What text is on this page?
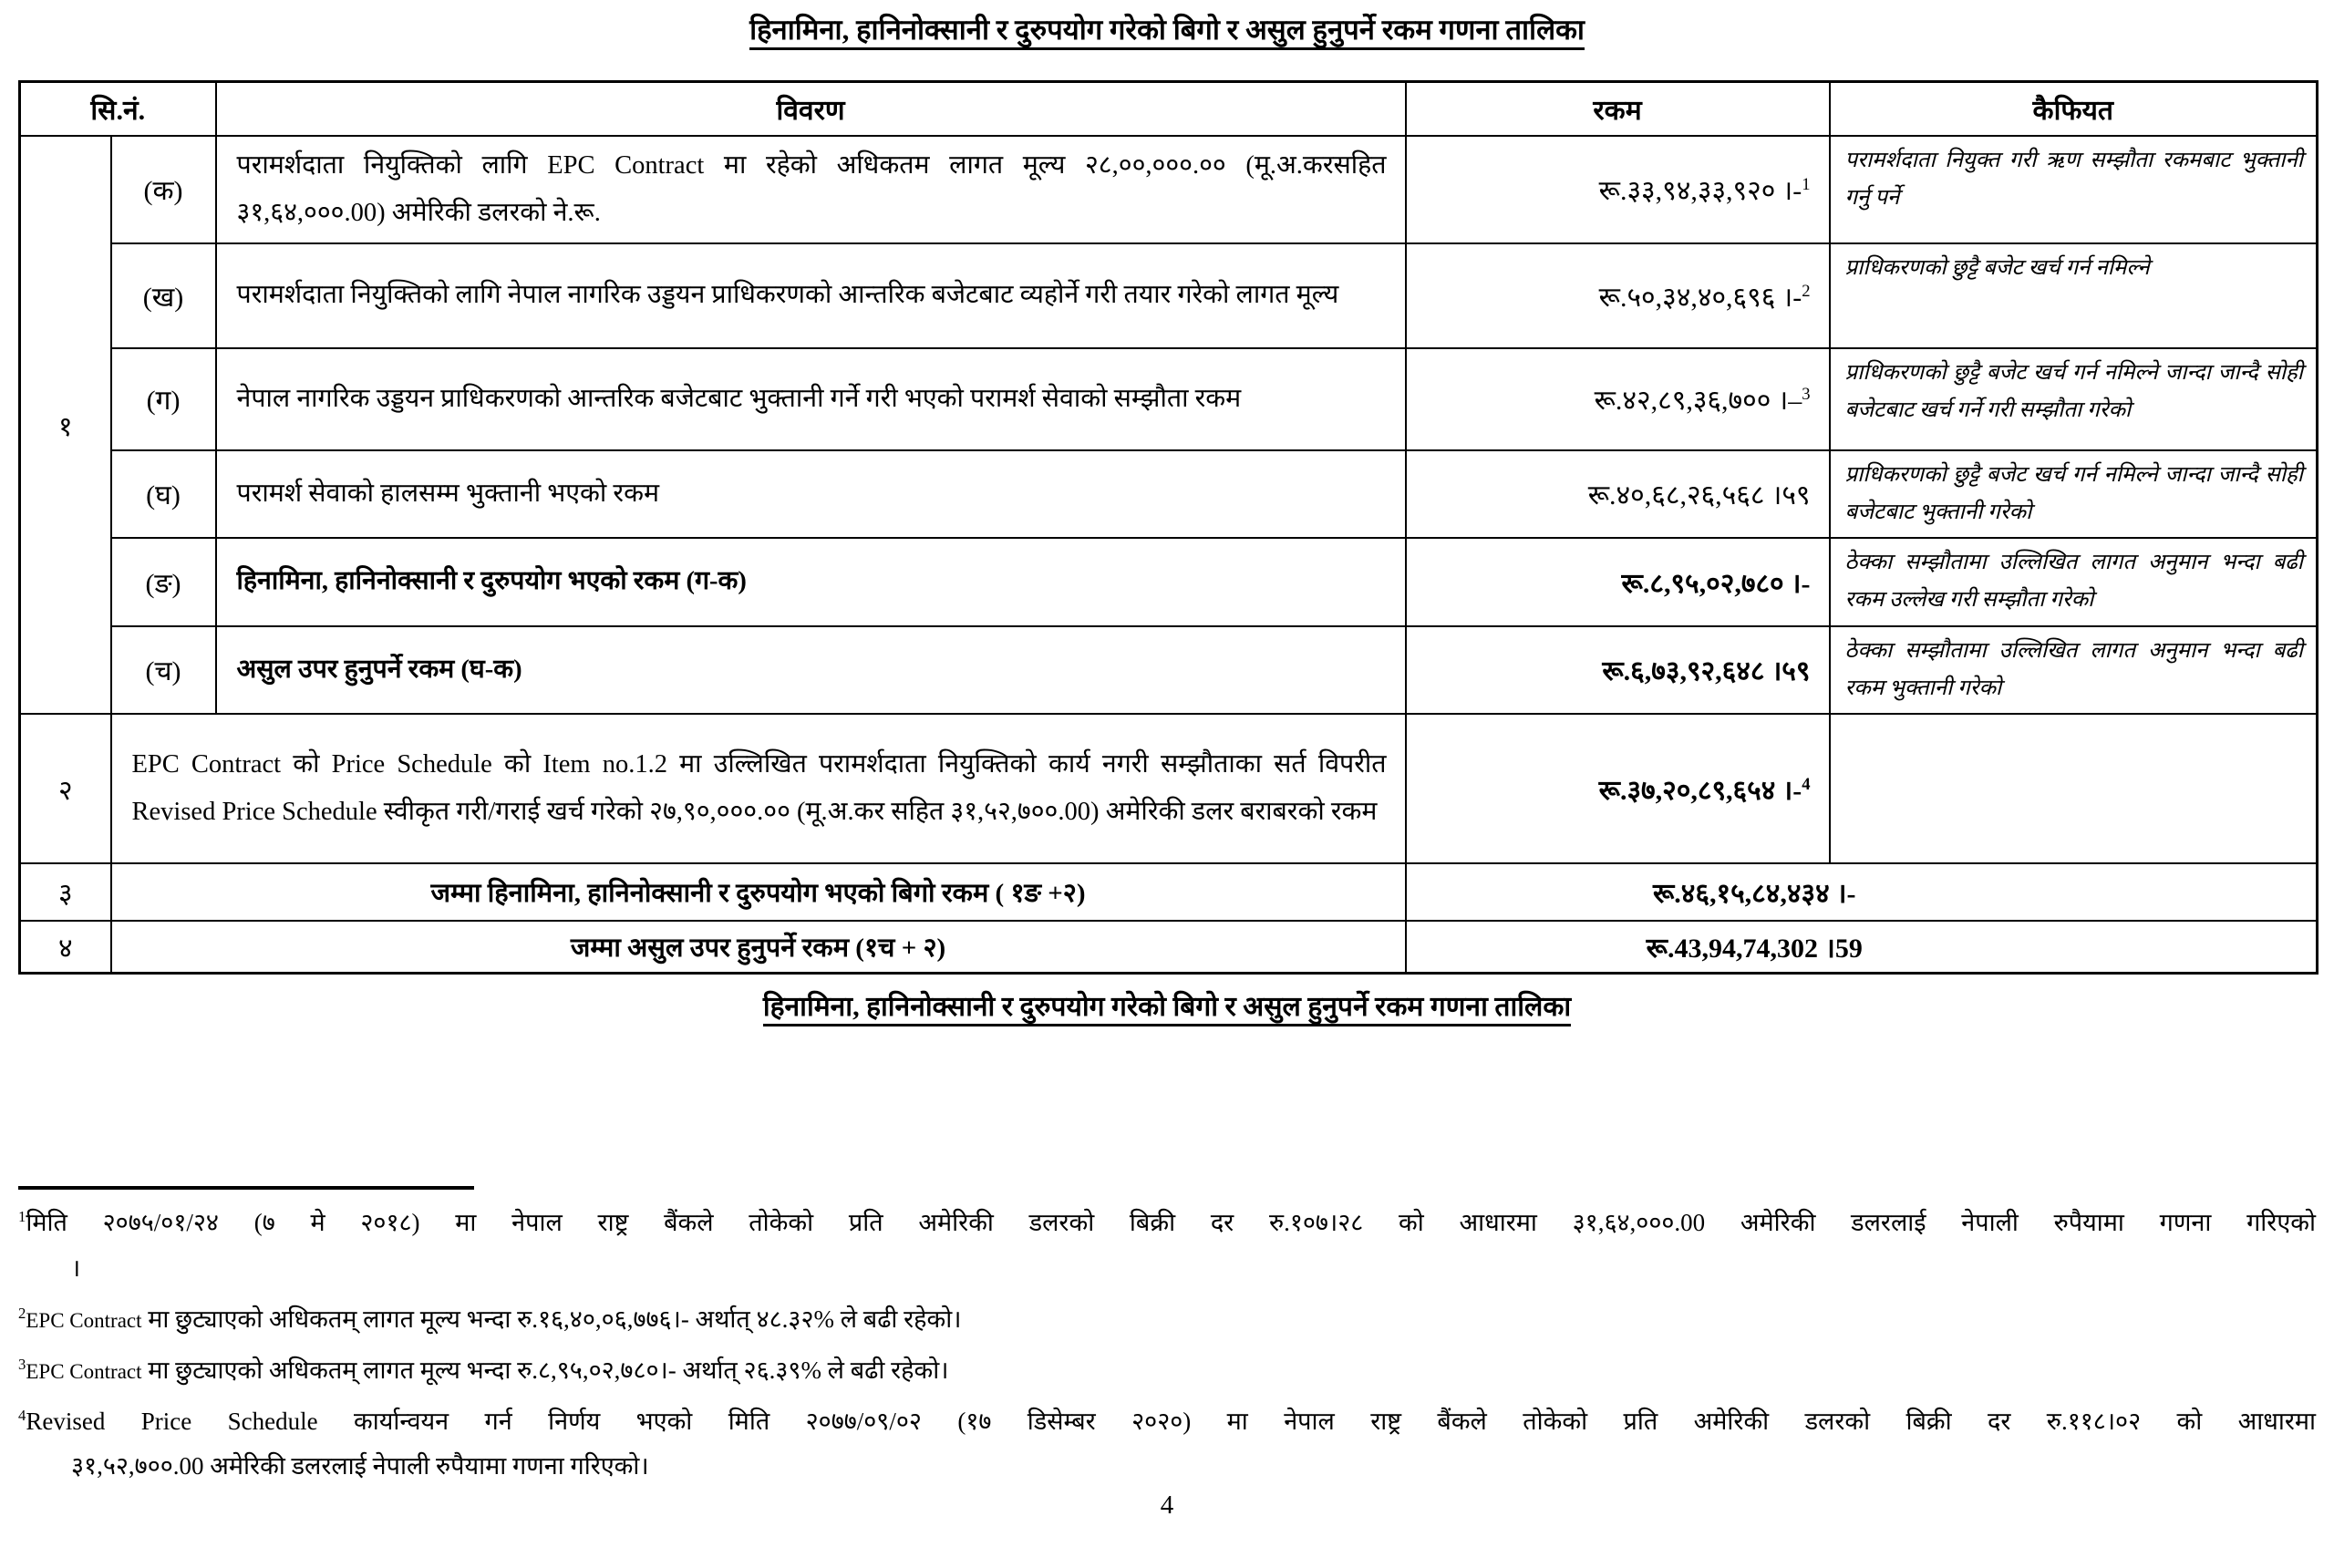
हिनामिना, हानिनोक्सानी र दुरुपयोग गरेको बिगो र असुल हुनुपर्ने रकम गणना तालिका
सि.नं.		विवरण	रकम	कैफियत
१	(क)	परामर्शदाता नियुक्तिको लागि EPC Contract मा रहेको अधिकतम लागत मूल्य २८,००,०००.०० (मू.अ.करसहित ३१,६४,०००.00) अमेरिकी डलरको ने.रू.	रू.३३,९४,३३,९२० ।-$^1$	परामर्शदाता नियुक्त गरी ऋण सम्झौता रकमबाट भुक्तानी गर्नु पर्ने
	(ख)	परामर्शदाता नियुक्तिको लागि नेपाल नागरिक उड्डयन प्राधिकरणको आन्तरिक बजेटबाट व्यहोर्ने गरी तयार गरेको लागत मूल्य	रू.५०,३४,४०,६९६ ।-$^2$	प्राधिकरणको छुट्टै बजेट खर्च गर्न नमिल्ने
	(ग)	नेपाल नागरिक उड्डयन प्राधिकरणको आन्तरिक बजेटबाट भुक्तानी गर्ने गरी भएको परामर्श सेवाको सम्झौता रकम	रू.४२,८९,३६,७०० ।–$^3$	प्राधिकरणको छुट्टै बजेट खर्च गर्न नमिल्ने जान्दा जान्दै सोही बजेटबाट खर्च गर्ने गरी सम्झौता गरेको
	(घ)	परामर्श सेवाको हालसम्म भुक्तानी भएको रकम	रू.४०,६८,२६,५६८ ।५९	प्राधिकरणको छुट्टै बजेट खर्च गर्न नमिल्ने जान्दा जान्दै सोही बजेटबाट भुक्तानी गरेको
	(ङ)	हिनामिना, हानिनोक्सानी र दुरुपयोग भएको रकम (ग-क)	रू.८,९५,०२,७८० ।-	ठेक्का सम्झौतामा उल्लिखित लागत अनुमान भन्दा बढी रकम उल्लेख गरी सम्झौता गरेको
	(च)	असुल उपर हुनुपर्ने रकम (घ-क)	रू.६,७३,९२,६४८ ।५९	ठेक्का सम्झौतामा उल्लिखित लागत अनुमान भन्दा बढी रकम भुक्तानी गरेको
२	EPC Contract को Price Schedule को Item no.1.2 मा उल्लिखित परामर्शदाता नियुक्तिको कार्य नगरी सम्झौताका सर्त विपरीत Revised Price Schedule स्वीकृत गरी/गराई खर्च गरेको २७,९०,०००.०० (मू.अ.कर सहित ३१,५२,७००.00) अमेरिकी डलर बराबरको रकम		रू.३७,२०,८९,६५४ ।-$^4$	
३	जम्मा हिनामिना, हानिनोक्सानी र दुरुपयोग भएको बिगो रकम ( १ङ +२)		रू.४६,१५,८४,४३४ ।-	
४	जम्मा असुल उपर हुनुपर्ने रकम (१च + २)		रू.43,94,74,302 ।59	
हिनामिना, हानिनोक्सानी र दुरुपयोग गरेको बिगो र असुल हुनुपर्ने रकम गणना तालिका
$^1$मिति २०७५/०१/२४ (७ मे २०१८) मा नेपाल राष्ट्र बैंकले तोकेको प्रति अमेरिकी डलरको बिक्री दर रु.१०७।२८ को आधारमा ३१,६४,०००.00 अमेरिकी डलरलाई नेपाली रुपैयामा गणना गरिएको
।
$^2$EPC Contract मा छुट्याएको अधिकतम् लागत मूल्य भन्दा रु.१६,४०,०६,७७६।- अर्थात् ४८.३२% ले बढी रहेको।
$^3$EPC Contract मा छुट्याएको अधिकतम् लागत मूल्य भन्दा रु.८,९५,०२,७८०।- अर्थात् २६.३९% ले बढी रहेको।
$^4$Revised Price Schedule कार्यान्वयन गर्न निर्णय भएको मिति २०७७/०९/०२ (१७ डिसेम्बर २०२०) मा नेपाल राष्ट्र बैंकले तोकेको प्रति अमेरिकी डलरको बिक्री दर रु.११८।०२ को आधारमा
३१,५२,७००.00 अमेरिकी डलरलाई नेपाली रुपैयामा गणना गरिएको।
4
